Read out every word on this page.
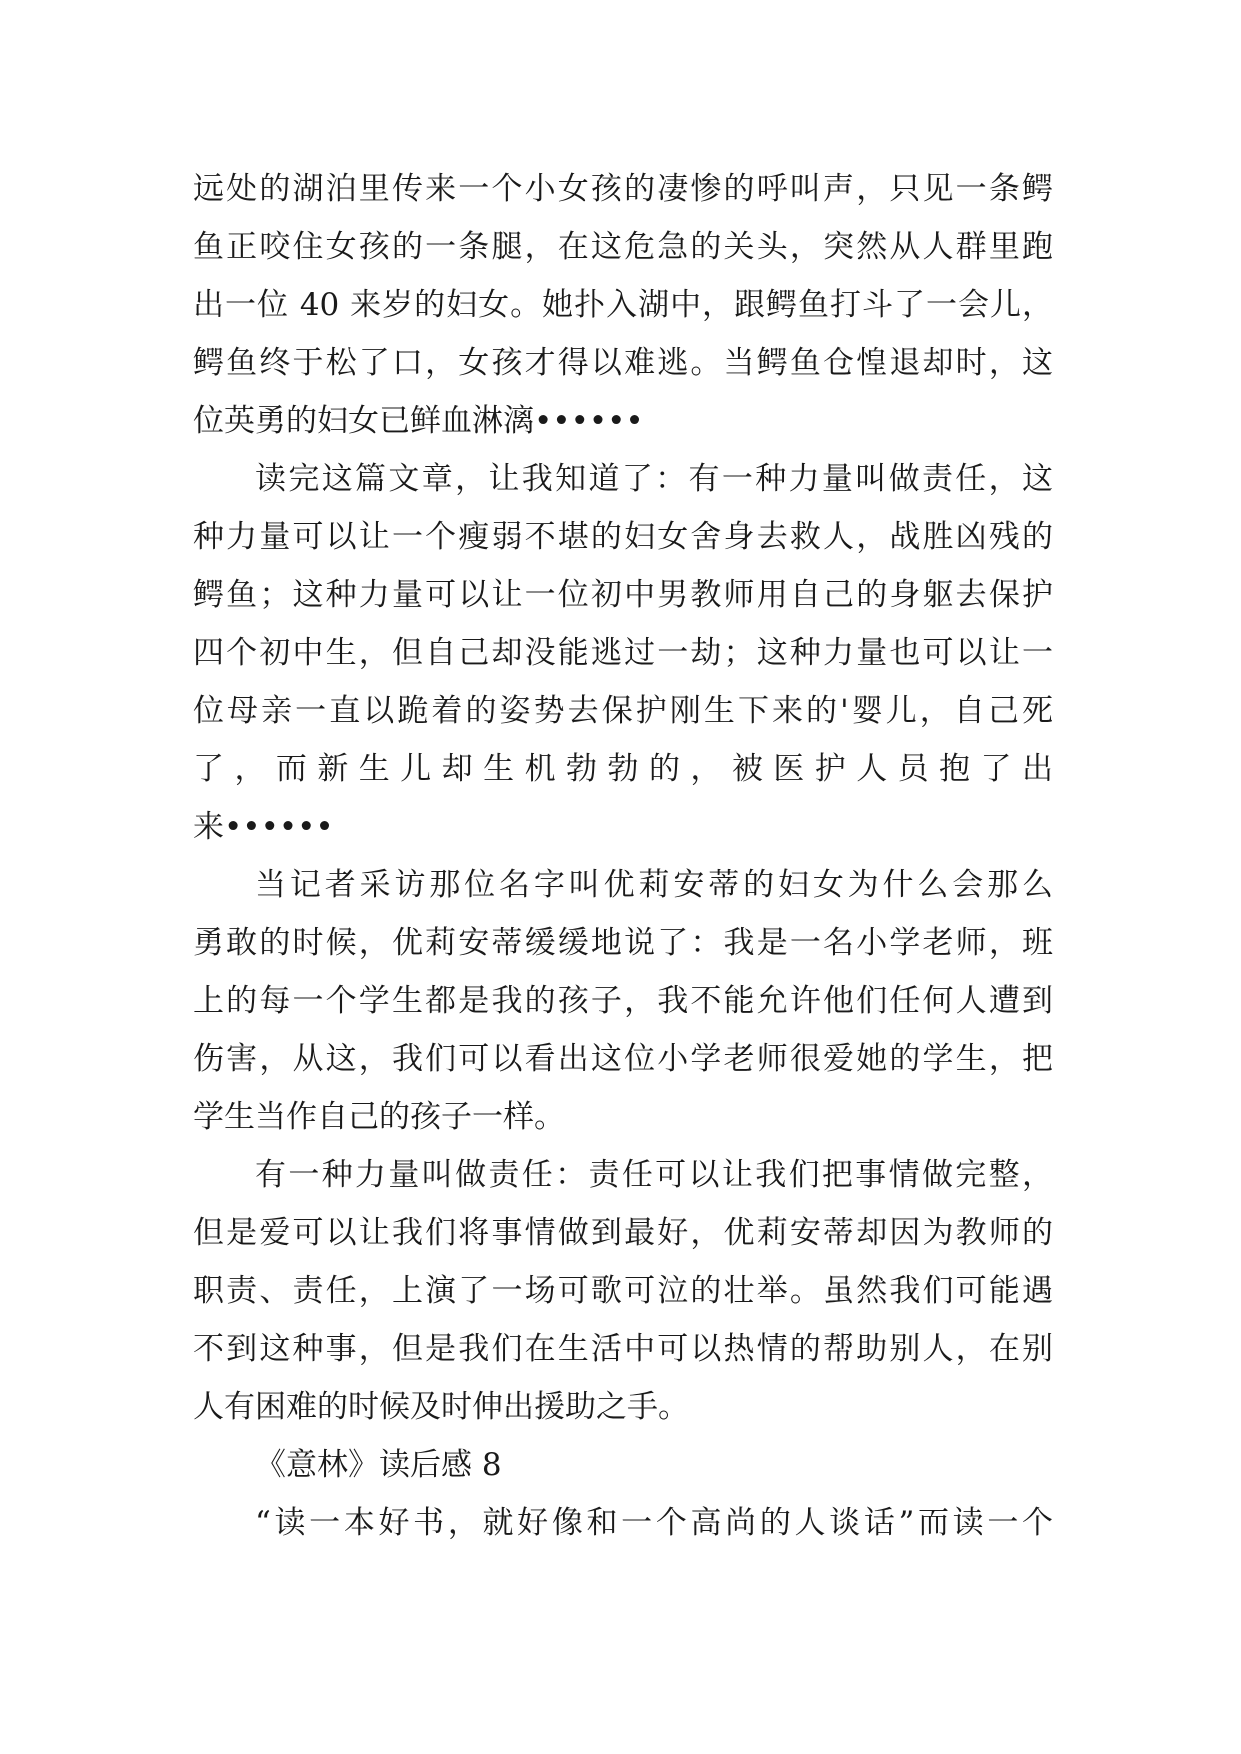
远处的湖泊里传来一个小女孩的凄惨的呼叫声，只见一条鳄
鱼正咬住女孩的一条腿，在这危急的关头，突然从人群里跑
出一位 40 来岁的妇女。她扑入湖中，跟鳄鱼打斗了一会儿，
鳄鱼终于松了口，女孩才得以难逃。当鳄鱼仓惶退却时，这
位英勇的妇女已鲜血淋漓••••••
读完这篇文章，让我知道了：有一种力量叫做责任，这
种力量可以让一个瘦弱不堪的妇女舍身去救人，战胜凶残的
鳄鱼；这种力量可以让一位初中男教师用自己的身躯去保护
四个初中生，但自己却没能逃过一劫；这种力量也可以让一
位母亲一直以跪着的姿势去保护刚生下来的'婴儿，自己死
了，而新生儿却生机勃勃的，被医护人员抱了出
来••••••
当记者采访那位名字叫优莉安蒂的妇女为什么会那么
勇敢的时候，优莉安蒂缓缓地说了：我是一名小学老师，班
上的每一个学生都是我的孩子，我不能允许他们任何人遭到
伤害，从这，我们可以看出这位小学老师很爱她的学生，把
学生当作自己的孩子一样。
有一种力量叫做责任：责任可以让我们把事情做完整，
但是爱可以让我们将事情做到最好，优莉安蒂却因为教师的
职责、责任，上演了一场可歌可泣的壮举。虽然我们可能遇
不到这种事，但是我们在生活中可以热情的帮助别人，在别
人有困难的时候及时伸出援助之手。
《意林》读后感 8
“读一本好书，就好像和一个高尚的人谈话”而读一个
